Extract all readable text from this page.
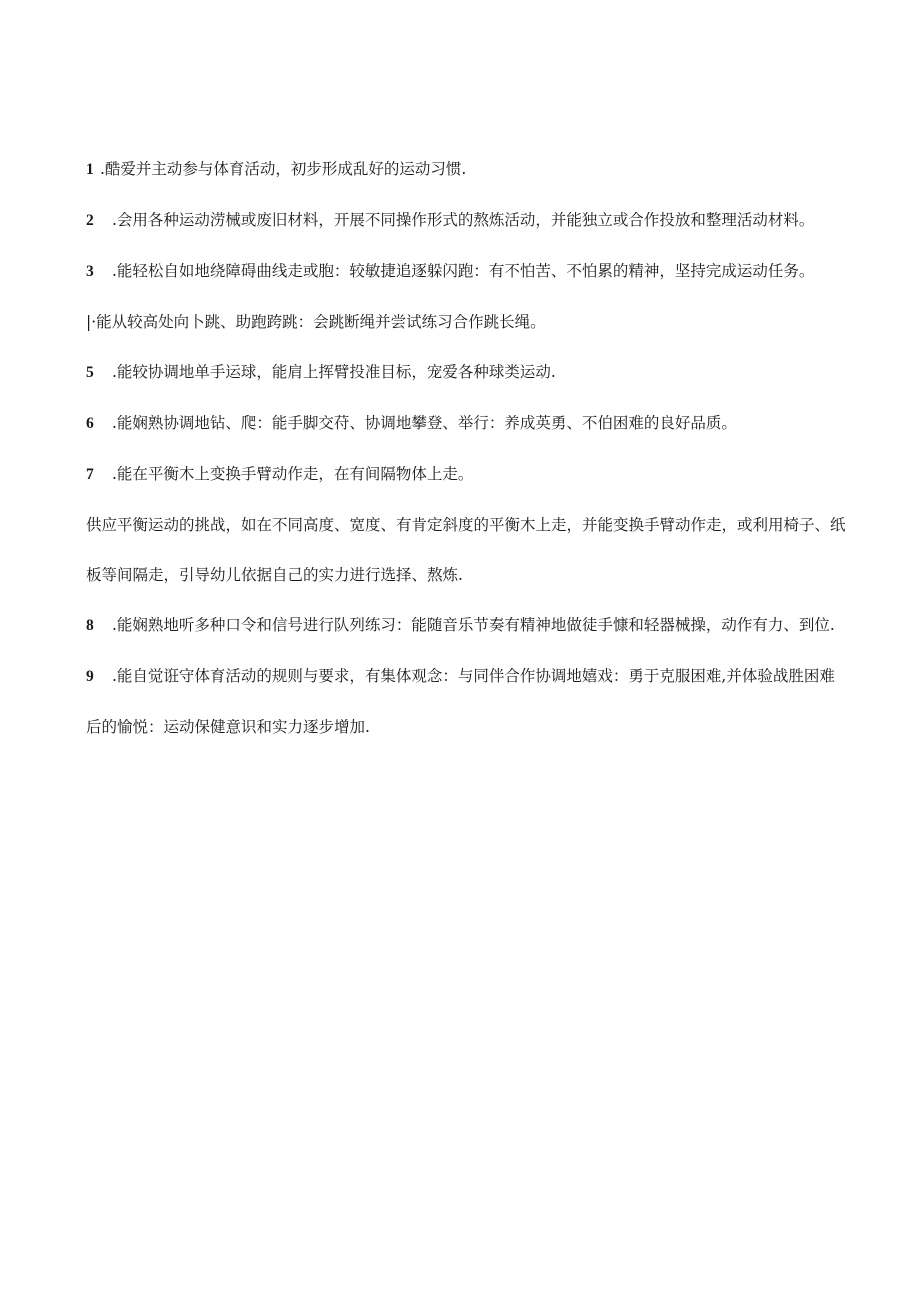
1 .酷爱并主动参与体育活动，初步形成乱好的运动习惯.

2 .会用各种运动涝械或废旧材料，开展不同操作形式的熬炼活动，并能独立或合作投放和整理活动材料。

3 .能轻松自如地绕障碍曲线走或胞：较敏捷追逐躲闪跑：有不怕苦、不怕累的精神，坚持完成运动任务。

|·能从较高处向卜跳、助跑跨跳：会跳断绳并尝试练习合作跳长绳。

5 .能较协调地单手运球，能肩上挥臂投准目标，宠爱各种球类运动.

6 .能娴熟协调地钻、爬：能手脚交苻、协调地攀登、举行：养成英勇、不伯困难的良好品质。

7 .能在平衡木上变换手臂动作走，在有间隔物体上走。

供应平衡运动的挑战，如在不同高度、宽度、有肯定斜度的平衡木上走，并能变换手臂动作走，或利用椅子、纸板等间隔走，引导幼儿依据自己的实力进行选择、熬炼.

8 .能娴熟地听多种口令和信号进行队列练习：能随音乐节奏有精神地做徒手慷和轻器械操，动作有力、到位.

9 .能自觉诳守体育活动的规则与要求，有集体观念：与同伴合作协调地嬉戏：勇于克服困难,并体验战胜困难后的愉悦：运动保健意识和实力逐步增加.
